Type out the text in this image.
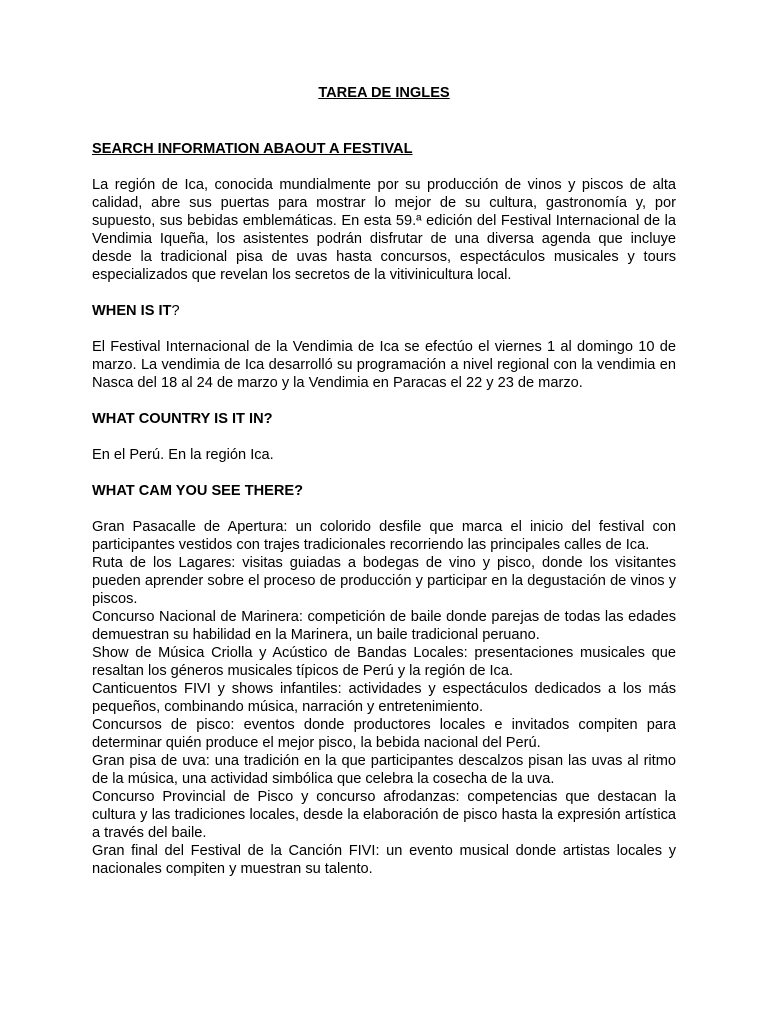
TAREA DE INGLES

SEARCH INFORMATION ABAOUT A FESTIVAL

La región de Ica, conocida mundialmente por su producción de vinos y piscos de alta calidad, abre sus puertas para mostrar lo mejor de su cultura, gastronomía y, por supuesto, sus bebidas emblemáticas. En esta 59.ª edición del Festival Internacional de la Vendimia Iqueña, los asistentes podrán disfrutar de una diversa agenda que incluye desde la tradicional pisa de uvas hasta concursos, espectáculos musicales y tours especializados que revelan los secretos de la vitivinicultura local.

WHEN IS IT?

El Festival Internacional de la Vendimia de Ica se efectúo el viernes 1 al domingo 10 de marzo. La vendimia de Ica desarrolló su programación a nivel regional con la vendimia en Nasca del 18 al 24 de marzo y la Vendimia en Paracas el 22 y 23 de marzo.

WHAT COUNTRY IS IT IN?

En el Perú. En la región Ica.

WHAT CAM YOU SEE THERE?

Gran Pasacalle de Apertura: un colorido desfile que marca el inicio del festival con participantes vestidos con trajes tradicionales recorriendo las principales calles de Ica.

Ruta de los Lagares: visitas guiadas a bodegas de vino y pisco, donde los visitantes pueden aprender sobre el proceso de producción y participar en la degustación de vinos y piscos.

Concurso Nacional de Marinera: competición de baile donde parejas de todas las edades demuestran su habilidad en la Marinera, un baile tradicional peruano.

Show de Música Criolla y Acústico de Bandas Locales: presentaciones musicales que resaltan los géneros musicales típicos de Perú y la región de Ica.

Canticuentos FIVI y shows infantiles: actividades y espectáculos dedicados a los más pequeños, combinando música, narración y entretenimiento.

Concursos de pisco: eventos donde productores locales e invitados compiten para determinar quién produce el mejor pisco, la bebida nacional del Perú.

Gran pisa de uva: una tradición en la que participantes descalzos pisan las uvas al ritmo de la música, una actividad simbólica que celebra la cosecha de la uva.

Concurso Provincial de Pisco y concurso afrodanzas: competencias que destacan la cultura y las tradiciones locales, desde la elaboración de pisco hasta la expresión artística a través del baile.

Gran final del Festival de la Canción FIVI: un evento musical donde artistas locales y nacionales compiten y muestran su talento.
